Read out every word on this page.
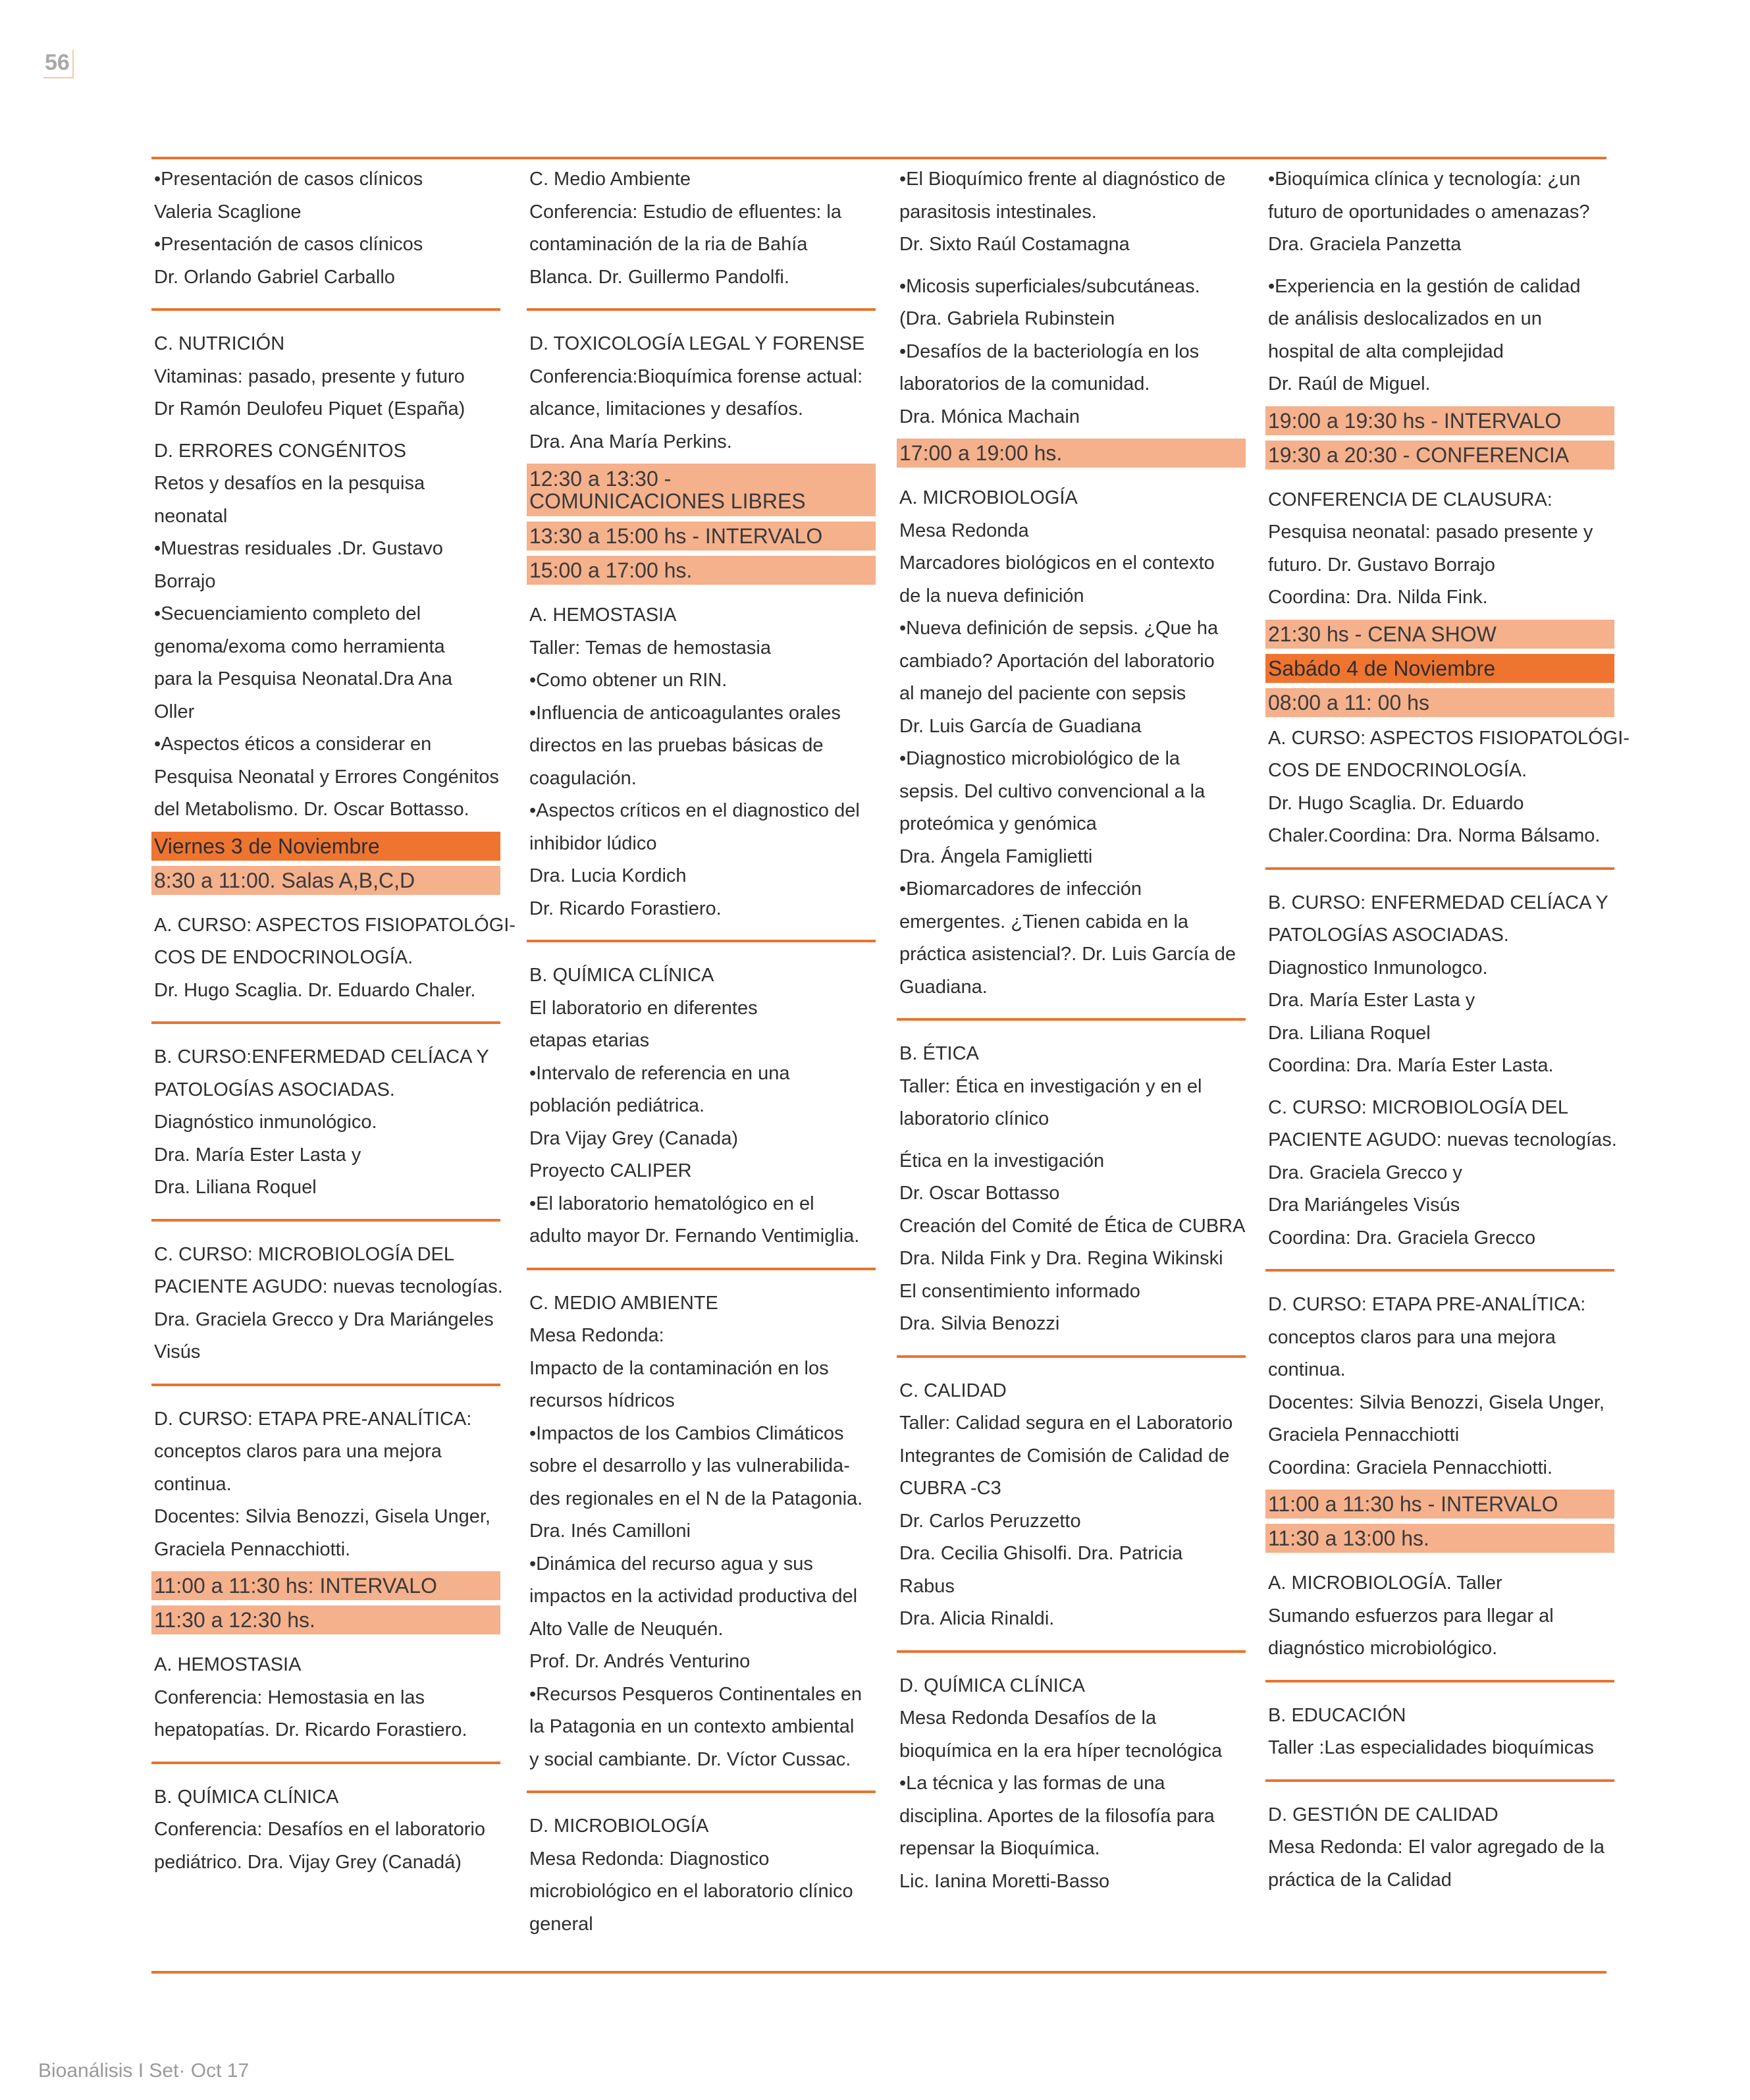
56
•Presentación de casos clínicos
Valeria Scaglione
•Presentación de casos clínicos
Dr. Orlando Gabriel Carballo
C. NUTRICIÓN
Vitaminas: pasado, presente y futuro
Dr Ramón Deulofeu Piquet (España)
D. ERRORES CONGÉNITOS
Retos y desafíos en la pesquisa
neonatal
•Muestras residuales .Dr. Gustavo
Borrajo
•Secuenciamiento completo del
genoma/exoma como herramienta
para la Pesquisa Neonatal.Dra Ana
Oller
•Aspectos éticos a considerar en
Pesquisa Neonatal y Errores Congénitos
del Metabolismo. Dr. Oscar Bottasso.
Viernes 3 de Noviembre
8:30 a 11:00. Salas A,B,C,D
A. CURSO: ASPECTOS FISIOPATOLÓGI-
COS DE ENDOCRINOLOGÍA.
Dr. Hugo Scaglia. Dr. Eduardo Chaler.
B. CURSO:ENFERMEDAD CELÍACA Y
PATOLOGÍAS ASOCIADAS.
Diagnóstico inmunológico.
Dra. María Ester Lasta y
Dra. Liliana Roquel
C. CURSO: MICROBIOLOGÍA DEL
PACIENTE AGUDO: nuevas tecnologías.
Dra. Graciela Grecco y Dra Mariángeles
Visús
D. CURSO: ETAPA PRE-ANALÍTICA:
conceptos claros para una mejora
continua.
Docentes: Silvia Benozzi, Gisela Unger,
Graciela Pennacchiotti.
11:00 a 11:30 hs: INTERVALO
11:30 a 12:30 hs.
A. HEMOSTASIA
Conferencia: Hemostasia en las
hepatopatías. Dr. Ricardo Forastiero.
B. QUÍMICA CLÍNICA
Conferencia: Desafíos en el laboratorio
pediátrico. Dra. Vijay Grey (Canadá)
C. Medio Ambiente
Conferencia: Estudio de efluentes: la
contaminación de la ria de Bahía
Blanca. Dr. Guillermo Pandolfi.
D. TOXICOLOGÍA LEGAL Y FORENSE
Conferencia:Bioquímica forense actual:
alcance, limitaciones y desafíos.
Dra. Ana María Perkins.
12:30 a 13:30 -
COMUNICACIONES LIBRES
13:30 a 15:00 hs - INTERVALO
15:00 a 17:00 hs.
A. HEMOSTASIA
Taller: Temas de hemostasia
•Como obtener un RIN.
•Influencia de anticoagulantes orales
directos en las pruebas básicas de
coagulación.
•Aspectos críticos en el diagnostico del
inhibidor lúdico
Dra. Lucia Kordich
Dr. Ricardo Forastiero.
B. QUÍMICA CLÍNICA
El laboratorio en diferentes
etapas etarias
•Intervalo de referencia en una
población pediátrica.
Dra Vijay Grey (Canada)
Proyecto CALIPER
•El laboratorio hematológico en el
adulto mayor Dr. Fernando Ventimiglia.
C. MEDIO AMBIENTE
Mesa Redonda:
Impacto de la contaminación en los
recursos hídricos
•Impactos de los Cambios Climáticos
sobre el desarrollo y las vulnerabilida-
des regionales en el N de la Patagonia.
Dra. Inés Camilloni
•Dinámica del recurso agua y sus
impactos en la actividad productiva del
Alto Valle de Neuquén.
Prof. Dr. Andrés Venturino
•Recursos Pesqueros Continentales en
la Patagonia en un contexto ambiental
y social cambiante. Dr. Víctor Cussac.
D. MICROBIOLOGÍA
Mesa Redonda: Diagnostico
microbiológico en el laboratorio clínico
general
•El Bioquímico frente al diagnóstico de
parasitosis intestinales.
Dr. Sixto Raúl Costamagna
•Micosis superficiales/subcutáneas.
(Dra. Gabriela Rubinstein
•Desafíos de la bacteriología en los
laboratorios de la comunidad.
Dra. Mónica Machain
17:00 a 19:00 hs.
A. MICROBIOLOGÍA
Mesa Redonda
Marcadores biológicos en el contexto
de la nueva definición
•Nueva definición de sepsis. ¿Que ha
cambiado? Aportación del laboratorio
al manejo del paciente con sepsis
Dr. Luis García de Guadiana
•Diagnostico microbiológico de la
sepsis. Del cultivo convencional a la
proteómica y genómica
Dra. Ángela Famiglietti
•Biomarcadores de infección
emergentes. ¿Tienen cabida en la
práctica asistencial?. Dr. Luis García de
Guadiana.
B. ÉTICA
Taller: Ética en investigación y en el
laboratorio clínico
Ética en la investigación
Dr. Oscar Bottasso
Creación del Comité de Ética de CUBRA
Dra. Nilda Fink y Dra. Regina Wikinski
El consentimiento informado
Dra. Silvia Benozzi
C. CALIDAD
Taller: Calidad segura en el Laboratorio
Integrantes de Comisión de Calidad de
CUBRA -C3
Dr. Carlos Peruzzetto
Dra. Cecilia Ghisolfi. Dra. Patricia
Rabus
Dra. Alicia Rinaldi.
D. QUÍMICA CLÍNICA
Mesa Redonda Desafíos de la
bioquímica en la era híper tecnológica
•La técnica y las formas de una
disciplina. Aportes de la filosofía para
repensar la Bioquímica.
Lic. Ianina Moretti-Basso
•Bioquímica clínica y tecnología: ¿un
futuro de oportunidades o amenazas?
Dra. Graciela Panzetta
•Experiencia en la gestión de calidad
de análisis deslocalizados en un
hospital de alta complejidad
Dr. Raúl de Miguel.
19:00 a 19:30 hs - INTERVALO
19:30 a 20:30 - CONFERENCIA
CONFERENCIA DE CLAUSURA:
Pesquisa neonatal: pasado presente y
futuro. Dr. Gustavo Borrajo
Coordina: Dra. Nilda Fink.
21:30 hs - CENA SHOW
Sabádo 4 de Noviembre
08:00 a 11: 00 hs
A. CURSO: ASPECTOS FISIOPATOLÓGI-
COS DE ENDOCRINOLOGÍA.
Dr. Hugo Scaglia. Dr. Eduardo
Chaler.Coordina: Dra. Norma Bálsamo.
B. CURSO: ENFERMEDAD CELÍACA Y
PATOLOGÍAS ASOCIADAS.
Diagnostico Inmunologco.
Dra. María Ester Lasta y
Dra. Liliana Roquel
Coordina: Dra. María Ester Lasta.
C. CURSO: MICROBIOLOGÍA DEL
PACIENTE AGUDO: nuevas tecnologías.
Dra. Graciela Grecco y
Dra Mariángeles Visús
Coordina: Dra. Graciela Grecco
D. CURSO: ETAPA PRE-ANALÍTICA:
conceptos claros para una mejora
continua.
Docentes: Silvia Benozzi, Gisela Unger,
Graciela Pennacchiotti
Coordina: Graciela Pennacchiotti.
11:00 a 11:30 hs - INTERVALO
11:30 a 13:00 hs.
A. MICROBIOLOGÍA. Taller
Sumando esfuerzos para llegar al
diagnóstico microbiológico.
B. EDUCACIÓN
Taller :Las especialidades bioquímicas
D. GESTIÓN DE CALIDAD
Mesa Redonda: El valor agregado de la
práctica de la Calidad
Bioanálisis I Set· Oct 17
